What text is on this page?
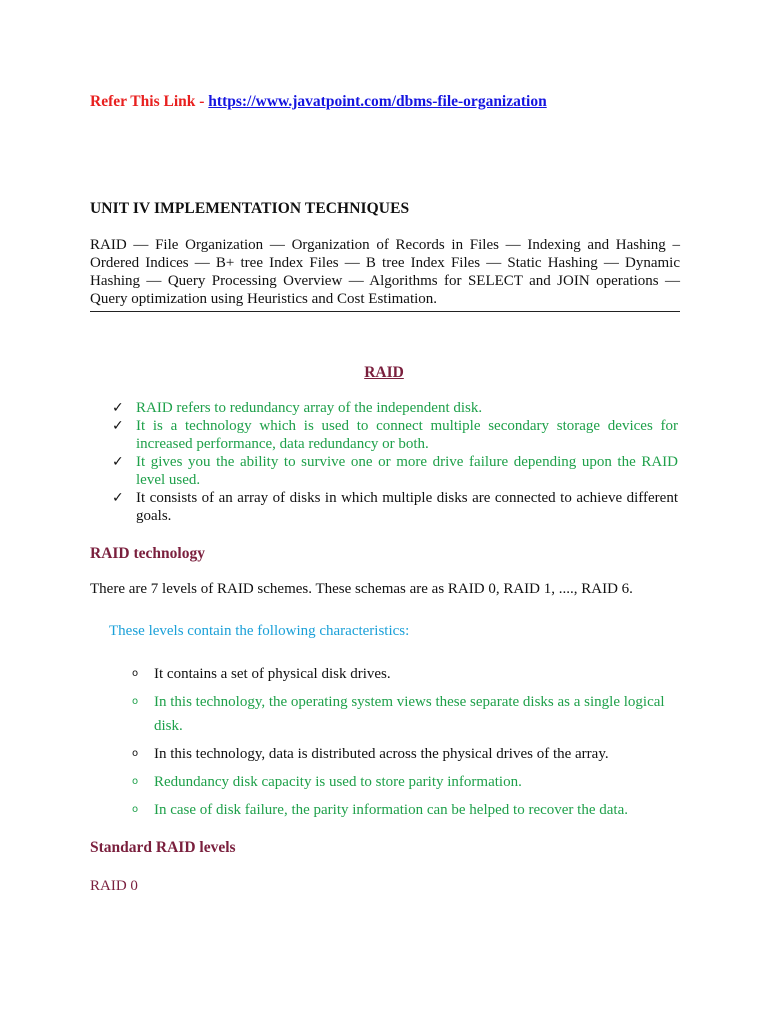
Refer This Link - https://www.javatpoint.com/dbms-file-organization
UNIT IV IMPLEMENTATION TECHNIQUES
RAID — File Organization — Organization of Records in Files — Indexing and Hashing –Ordered Indices — B+ tree Index Files — B tree Index Files — Static Hashing — Dynamic Hashing — Query Processing Overview — Algorithms for SELECT and JOIN operations — Query optimization using Heuristics and Cost Estimation.
RAID
✓ RAID refers to redundancy array of the independent disk.
✓ It is a technology which is used to connect multiple secondary storage devices for increased performance, data redundancy or both.
✓ It gives you the ability to survive one or more drive failure depending upon the RAID level used.
✓ It consists of an array of disks in which multiple disks are connected to achieve different goals.
RAID technology
There are 7 levels of RAID schemes. These schemas are as RAID 0, RAID 1, ...., RAID 6.
These levels contain the following characteristics:
o It contains a set of physical disk drives.
o In this technology, the operating system views these separate disks as a single logical disk.
o In this technology, data is distributed across the physical drives of the array.
o Redundancy disk capacity is used to store parity information.
o In case of disk failure, the parity information can be helped to recover the data.
Standard RAID levels
RAID 0
